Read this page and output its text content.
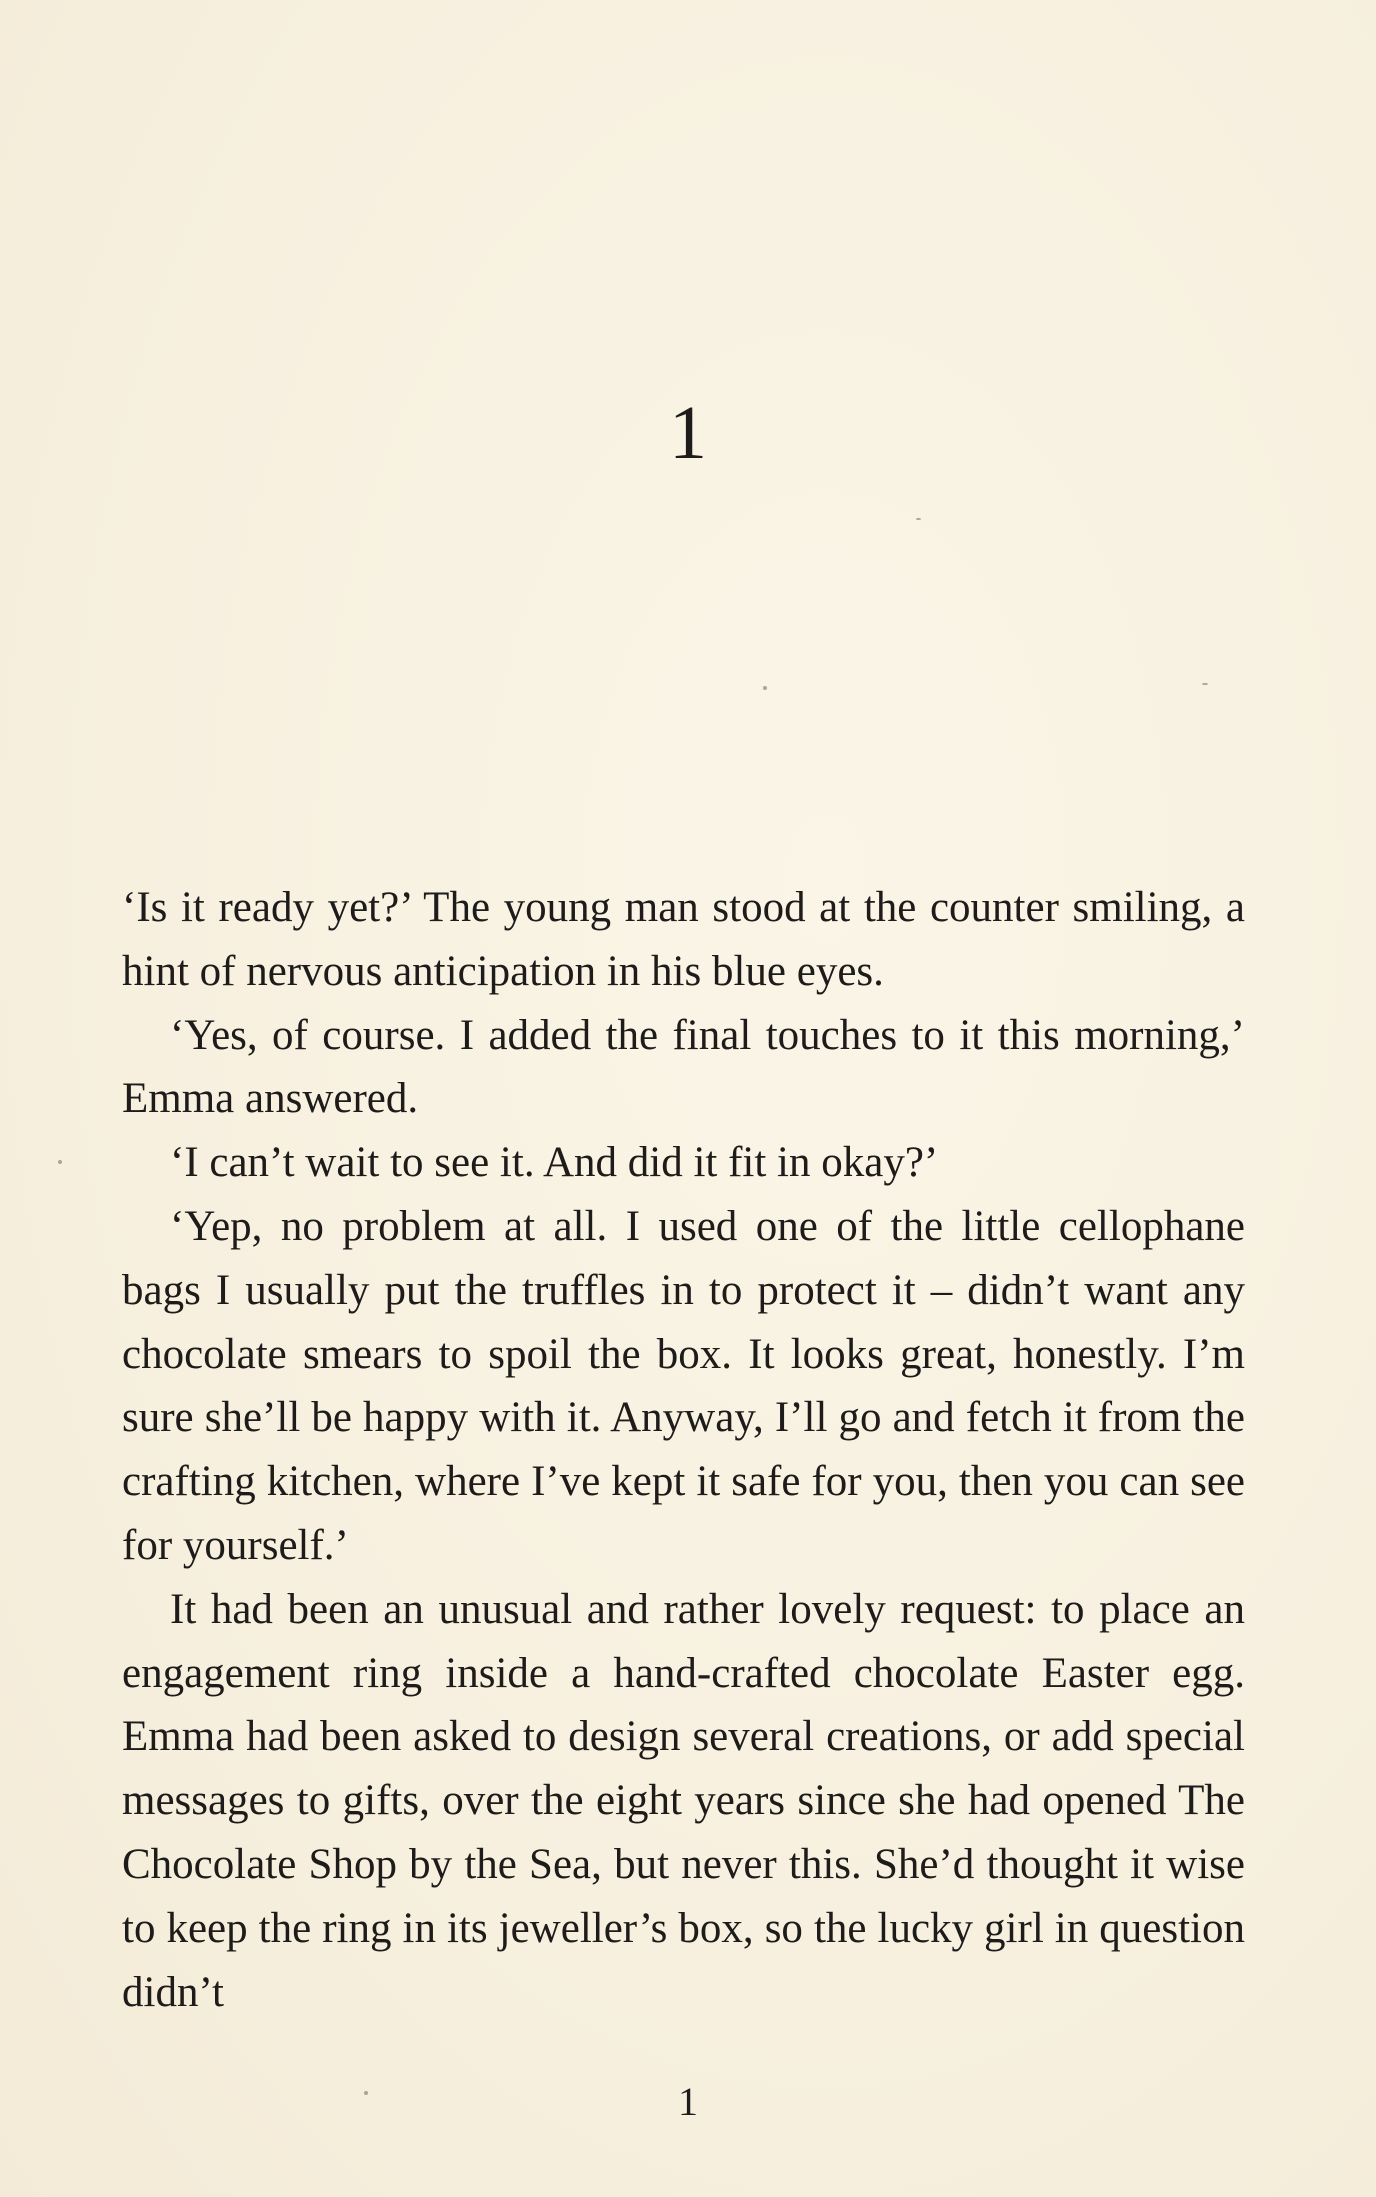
1

‘Is it ready yet?’ The young man stood at the counter smiling, a hint of nervous anticipation in his blue eyes.

‘Yes, of course. I added the final touches to it this morning,’ Emma answered.

‘I can’t wait to see it. And did it fit in okay?’

‘Yep, no problem at all. I used one of the little cellophane bags I usually put the truffles in to protect it – didn’t want any chocolate smears to spoil the box. It looks great, honestly. I’m sure she’ll be happy with it. Anyway, I’ll go and fetch it from the crafting kitchen, where I’ve kept it safe for you, then you can see for yourself.’

It had been an unusual and rather lovely request: to place an engagement ring inside a hand-crafted chocolate Easter egg. Emma had been asked to design several creations, or add special messages to gifts, over the eight years since she had opened The Chocolate Shop by the Sea, but never this. She’d thought it wise to keep the ring in its jeweller’s box, so the lucky girl in question didn’t

1
